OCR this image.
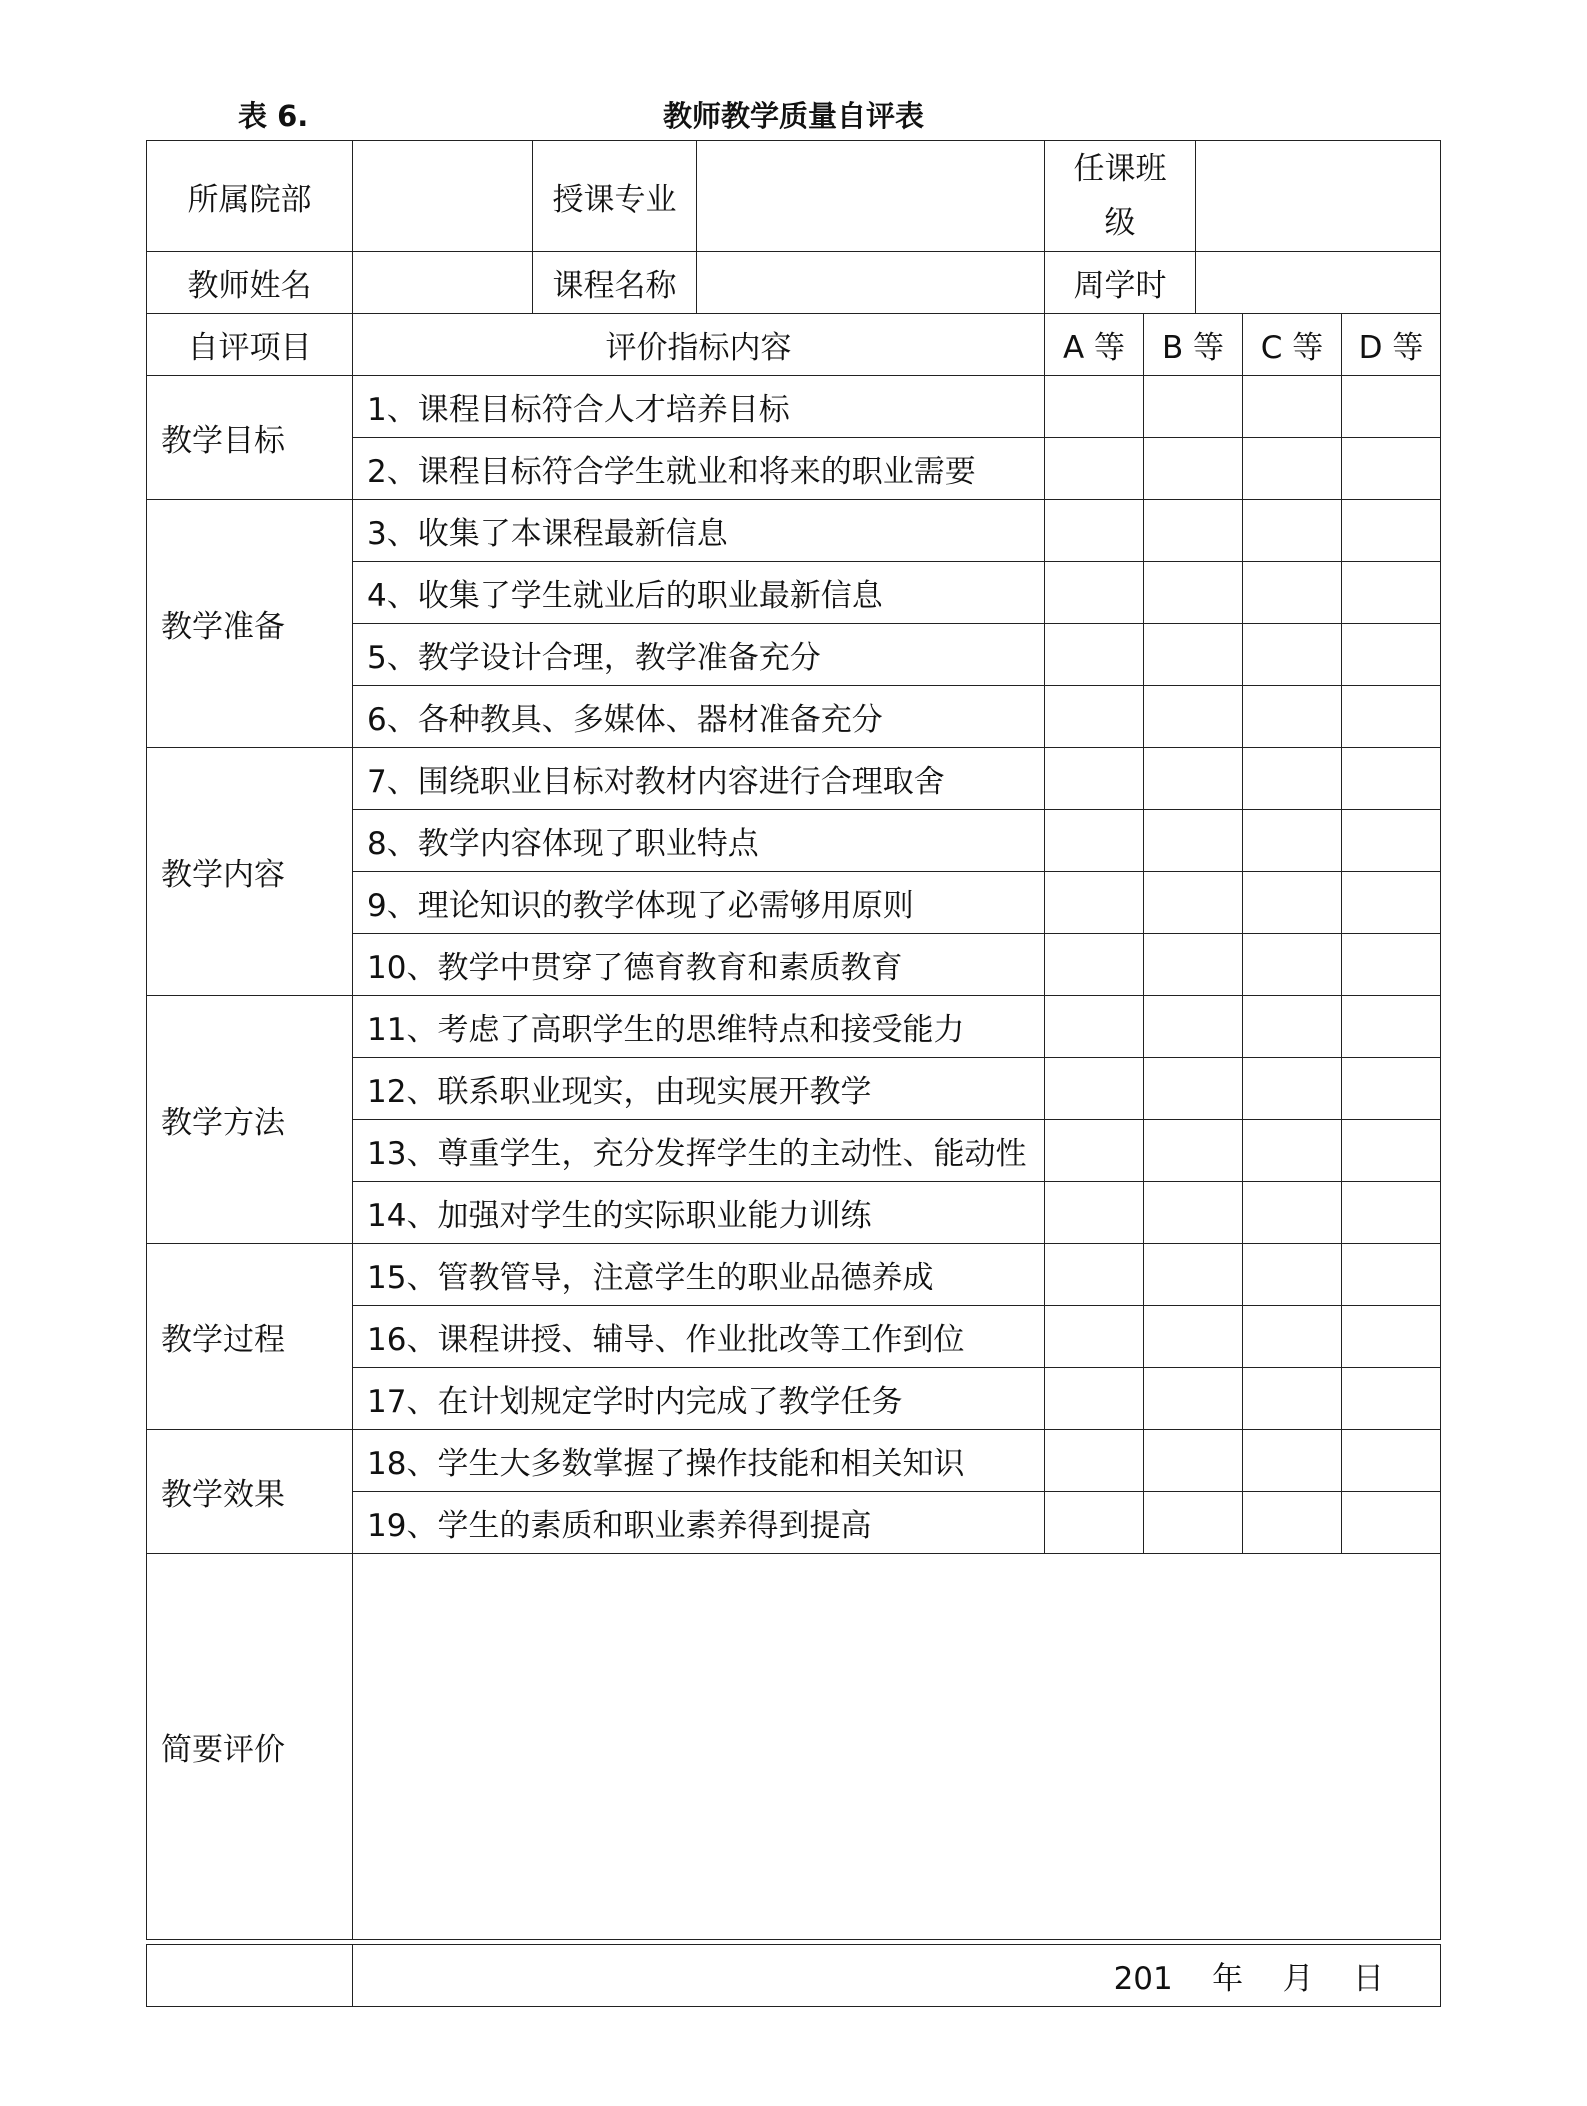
表 6.	教师教学质量自评表
所属院部		授课专业		任课班级				
教师姓名		课程名称		周学时				
自评项目	评价指标内容			A 等	B 等		C 等	D 等
教学目标	1、课程目标符合人才培养目标							
	2、课程目标符合学生就业和将来的职业需要							
教学准备	3、收集了本课程最新信息							
	4、收集了学生就业后的职业最新信息							
	5、教学设计合理，教学准备充分							
	6、各种教具、多媒体、器材准备充分							
教学内容	7、围绕职业目标对教材内容进行合理取舍							
	8、教学内容体现了职业特点							
	9、理论知识的教学体现了必需够用原则							
	10、教学中贯穿了德育教育和素质教育							
教学方法	11、考虑了高职学生的思维特点和接受能力							
	12、联系职业现实，由现实展开教学							
	13、尊重学生，充分发挥学生的主动性、能动性							
	14、加强对学生的实际职业能力训练							
教学过程	15、管教管导，注意学生的职业品德养成							
	16、课程讲授、辅导、作业批改等工作到位							
	17、在计划规定学时内完成了教学任务							
教学效果	18、学生大多数掌握了操作技能和相关知识							
	19、学生的素质和职业素养得到提高							
简要评价								
	201    年    月    日
